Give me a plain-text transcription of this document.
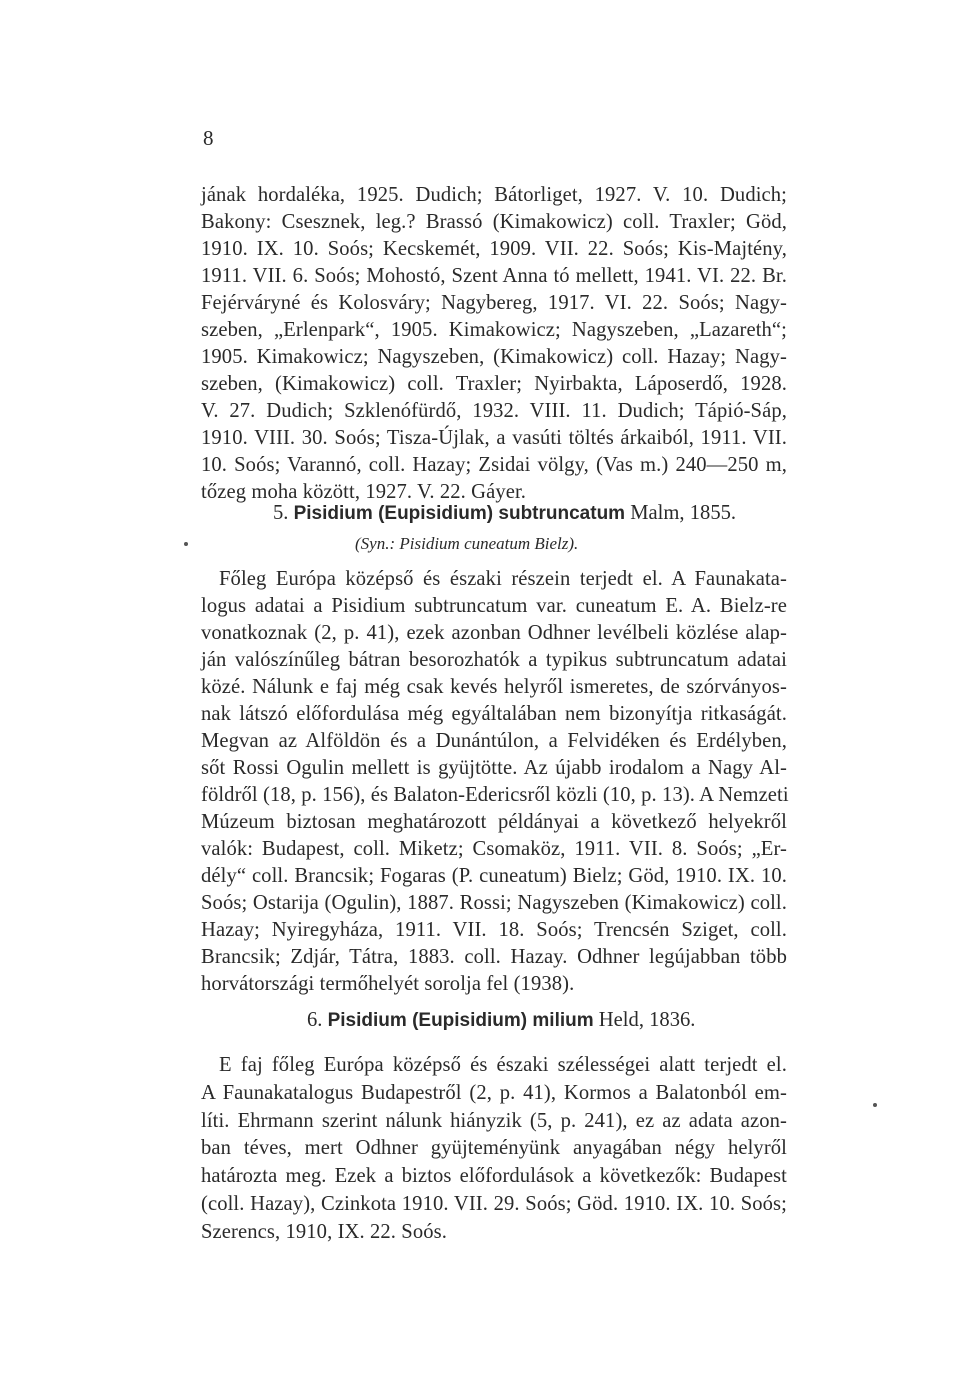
8
jának hordaléka, 1925. Dudich; Bátorliget, 1927. V. 10. Dudich;
Bakony: Csesznek, leg.? Brassó (Kimakowicz) coll. Traxler; Göd,
1910. IX. 10. Soós; Kecskemét, 1909. VII. 22. Soós; Kis-Majtény,
1911. VII. 6. Soós; Mohostó, Szent Anna tó mellett, 1941. VI. 22. Br.
Fejérváryné és Kolosváry; Nagybereg, 1917. VI. 22. Soós; Nagy-
szeben, „Erlenpark“, 1905. Kimakowicz; Nagyszeben, „Lazareth“;
1905. Kimakowicz; Nagyszeben, (Kimakowicz) coll. Hazay; Nagy-
szeben, (Kimakowicz) coll. Traxler; Nyirbakta, Láposerdő, 1928.
V. 27. Dudich; Szklenófürdő, 1932. VIII. 11. Dudich; Tápió-Sáp,
1910. VIII. 30. Soós; Tisza-Újlak, a vasúti töltés árkaiból, 1911. VII.
10. Soós; Varannó, coll. Hazay; Zsidai völgy, (Vas m.) 240—250 m,
tőzeg moha között, 1927. V. 22. Gáyer.
5. Pisidium (Eupisidium) subtruncatum Malm, 1855.
(Syn.: Pisidium cuneatum Bielz).
Főleg Európa középső és északi részein terjedt el. A Faunakata-
logus adatai a Pisidium subtruncatum var. cuneatum E. A. Bielz-re
vonatkoznak (2, p. 41), ezek azonban Odhner levélbeli közlése alap-
ján valószínűleg bátran besorozhatók a typikus subtruncatum adatai
közé. Nálunk e faj még csak kevés helyről ismeretes, de szórványos-
nak látszó előfordulása még egyáltalában nem bizonyítja ritkaságát.
Megvan az Alföldön és a Dunántúlon, a Felvidéken és Erdélyben,
sőt Rossi Ogulin mellett is gyüjtötte. Az újabb irodalom a Nagy Al-
földről (18, p. 156), és Balaton-Edericsről közli (10, p. 13). A Nemzeti
Múzeum biztosan meghatározott példányai a következő helyekről
valók: Budapest, coll. Miketz; Csomaköz, 1911. VII. 8. Soós; „Er-
dély“ coll. Brancsik; Fogaras (P. cuneatum) Bielz; Göd, 1910. IX. 10.
Soós; Ostarija (Ogulin), 1887. Rossi; Nagyszeben (Kimakowicz) coll.
Hazay; Nyiregyháza, 1911. VII. 18. Soós; Trencsén Sziget, coll.
Brancsik; Zdjár, Tátra, 1883. coll. Hazay. Odhner legújabban több
horvátországi termőhelyét sorolja fel (1938).
6. Pisidium (Eupisidium) milium Held, 1836.
E faj főleg Európa középső és északi szélességei alatt terjedt el.
A Faunakatalogus Budapestről (2, p. 41), Kormos a Balatonból em-
líti. Ehrmann szerint nálunk hiányzik (5, p. 241), ez az adata azon-
ban téves, mert Odhner gyüjteményünk anyagában négy helyről
határozta meg. Ezek a biztos előfordulások a következők: Budapest
(coll. Hazay), Czinkota 1910. VII. 29. Soós; Göd. 1910. IX. 10. Soós;
Szerencs, 1910, IX. 22. Soós.
